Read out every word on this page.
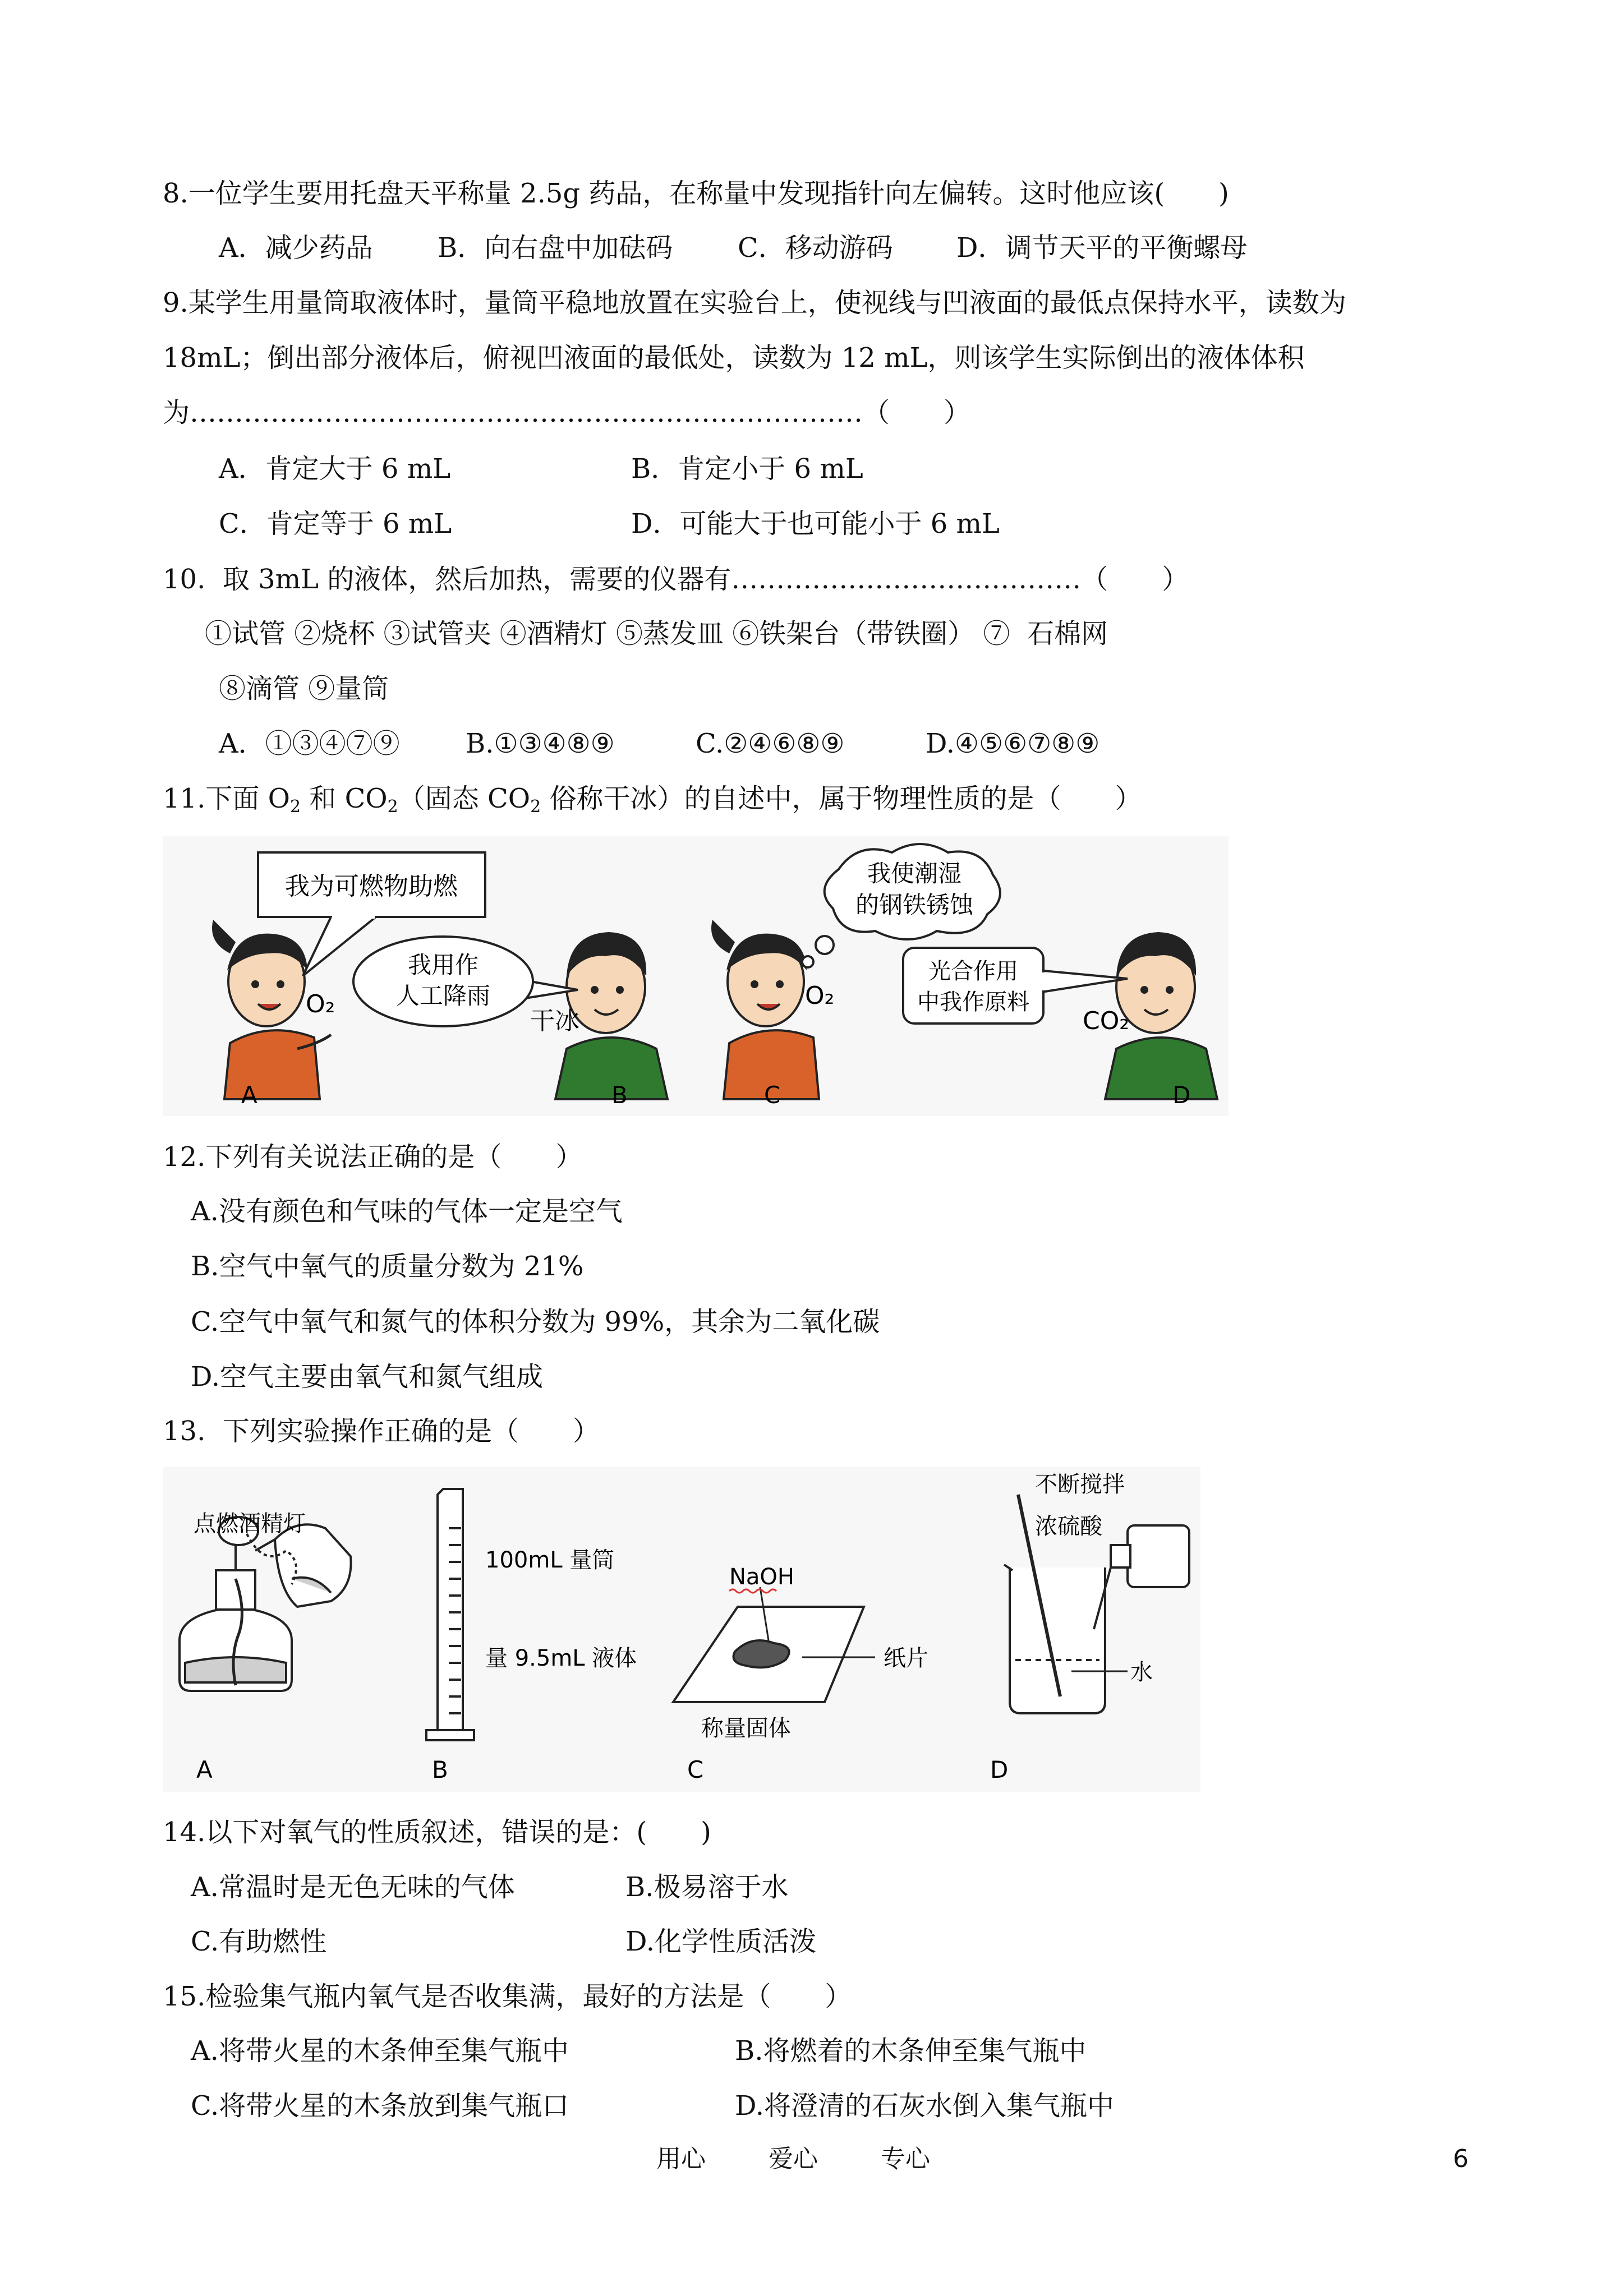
8.一位学生要用托盘天平称量 2.5g 药品，在称量中发现指针向左偏转。这时他应该(　　)
A．减少药品 B．向右盘中加砝码 C．移动游码 D．调节天平的平衡螺母
9.某学生用量筒取液体时，量筒平稳地放置在实验台上，使视线与凹液面的最低点保持水平，读数为
18mL；倒出部分液体后，俯视凹液面的最低处，读数为 12 mL，则该学生实际倒出的液体体积
为…………………………………………………………………（　　）
A．肯定大于 6 mL	B．肯定小于 6 mL
C．肯定等于 6 mL	D．可能大于也可能小于 6 mL
10.  取 3mL 的液体，然后加热，需要的仪器有…………………………………（　　）
①试管 ②烧杯 ③试管夹 ④酒精灯 ⑤蒸发皿 ⑥铁架台（带铁圈） ⑦  石棉网
⑧滴管 ⑨量筒
A．①③④⑦⑨ B.①③④⑧⑨	C.②④⑥⑧⑨	D.④⑤⑥⑦⑧⑨
11.下面 $O_2$ 和 $CO_2$（固态 $CO_2$ 俗称干冰）的自述中，属于物理性质的是（　　）
我为可燃物助燃
我用作
人工降雨
我使潮湿
的钢铁锈蚀
光合作用
中我作原料
O₂
干冰
O₂
CO₂
A	B	C	D
12.下列有关说法正确的是（　　）
A.没有颜色和气味的气体一定是空气
B.空气中氧气的质量分数为 21%
C.空气中氧气和氮气的体积分数为 99%，其余为二氧化碳
D.空气主要由氧气和氮气组成
13.  下列实验操作正确的是（　　）
点燃酒精灯
100mL 量筒
量 9.5mL 液体
NaOH
纸片
称量固体
不断搅拌
浓硫酸
水
A	B	C	D
14.以下对氧气的性质叙述，错误的是：(　　)
A.常温时是无色无味的气体	B.极易溶于水
C.有助燃性	D.化学性质活泼
15.检验集气瓶内氧气是否收集满，最好的方法是（　　）
A.将带火星的木条伸至集气瓶中	B.将燃着的木条伸至集气瓶中
C.将带火星的木条放到集气瓶口	D.将澄清的石灰水倒入集气瓶中
用心	爱心	专心	6
